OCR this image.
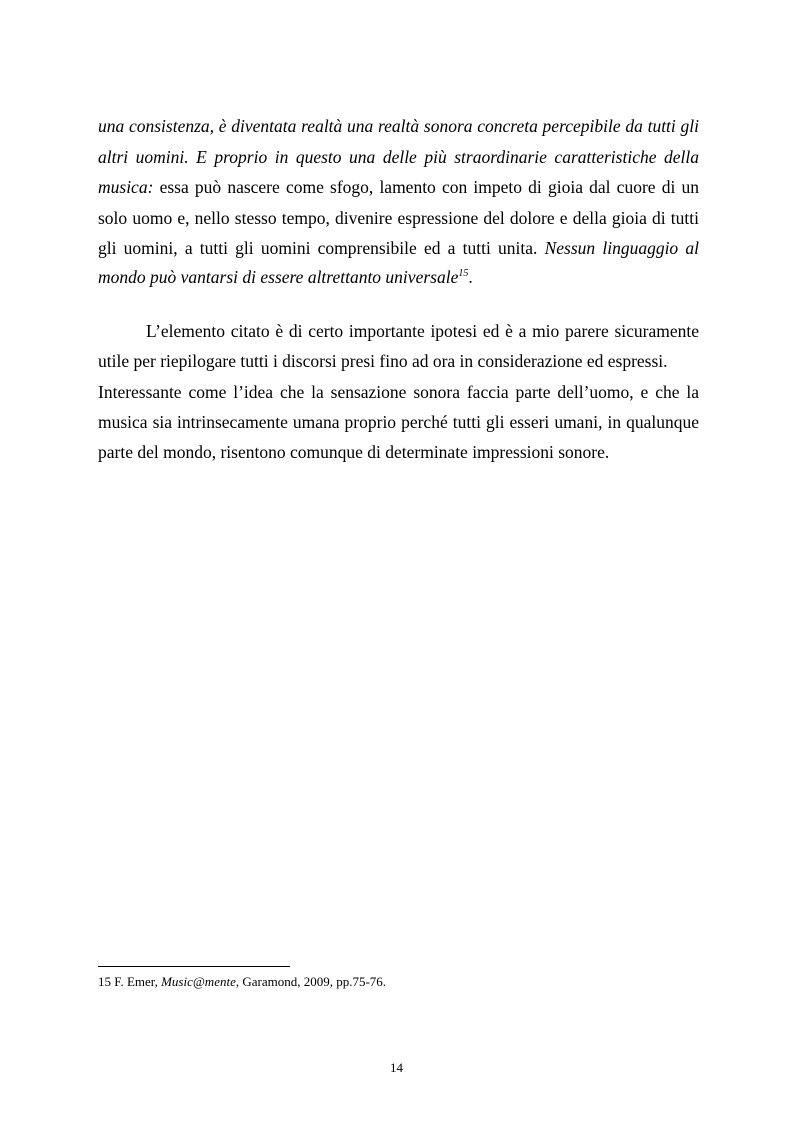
una consistenza, è diventata realtà una realtà sonora concreta percepibile da tutti gli
altri uomini. E proprio in questo una delle più straordinarie caratteristiche della
musica: essa può nascere come sfogo, lamento con impeto di gioia dal cuore di un
solo uomo e, nello stesso tempo, divenire espressione del dolore e della gioia di tutti
gli uomini, a tutti gli uomini comprensibile ed a tutti unita. Nessun linguaggio al
mondo può vantarsi di essere altrettanto universale$^{15}$.
L’elemento citato è di certo importante ipotesi ed è a mio parere sicuramente
utile per riepilogare tutti i discorsi presi fino ad ora in considerazione ed espressi.
Interessante come l’idea che la sensazione sonora faccia parte dell’uomo, e che la
musica sia intrinsecamente umana proprio perché tutti gli esseri umani, in qualunque
parte del mondo, risentono comunque di determinate impressioni sonore.
15 F. Emer, Music@mente, Garamond, 2009, pp.75-76.
14
